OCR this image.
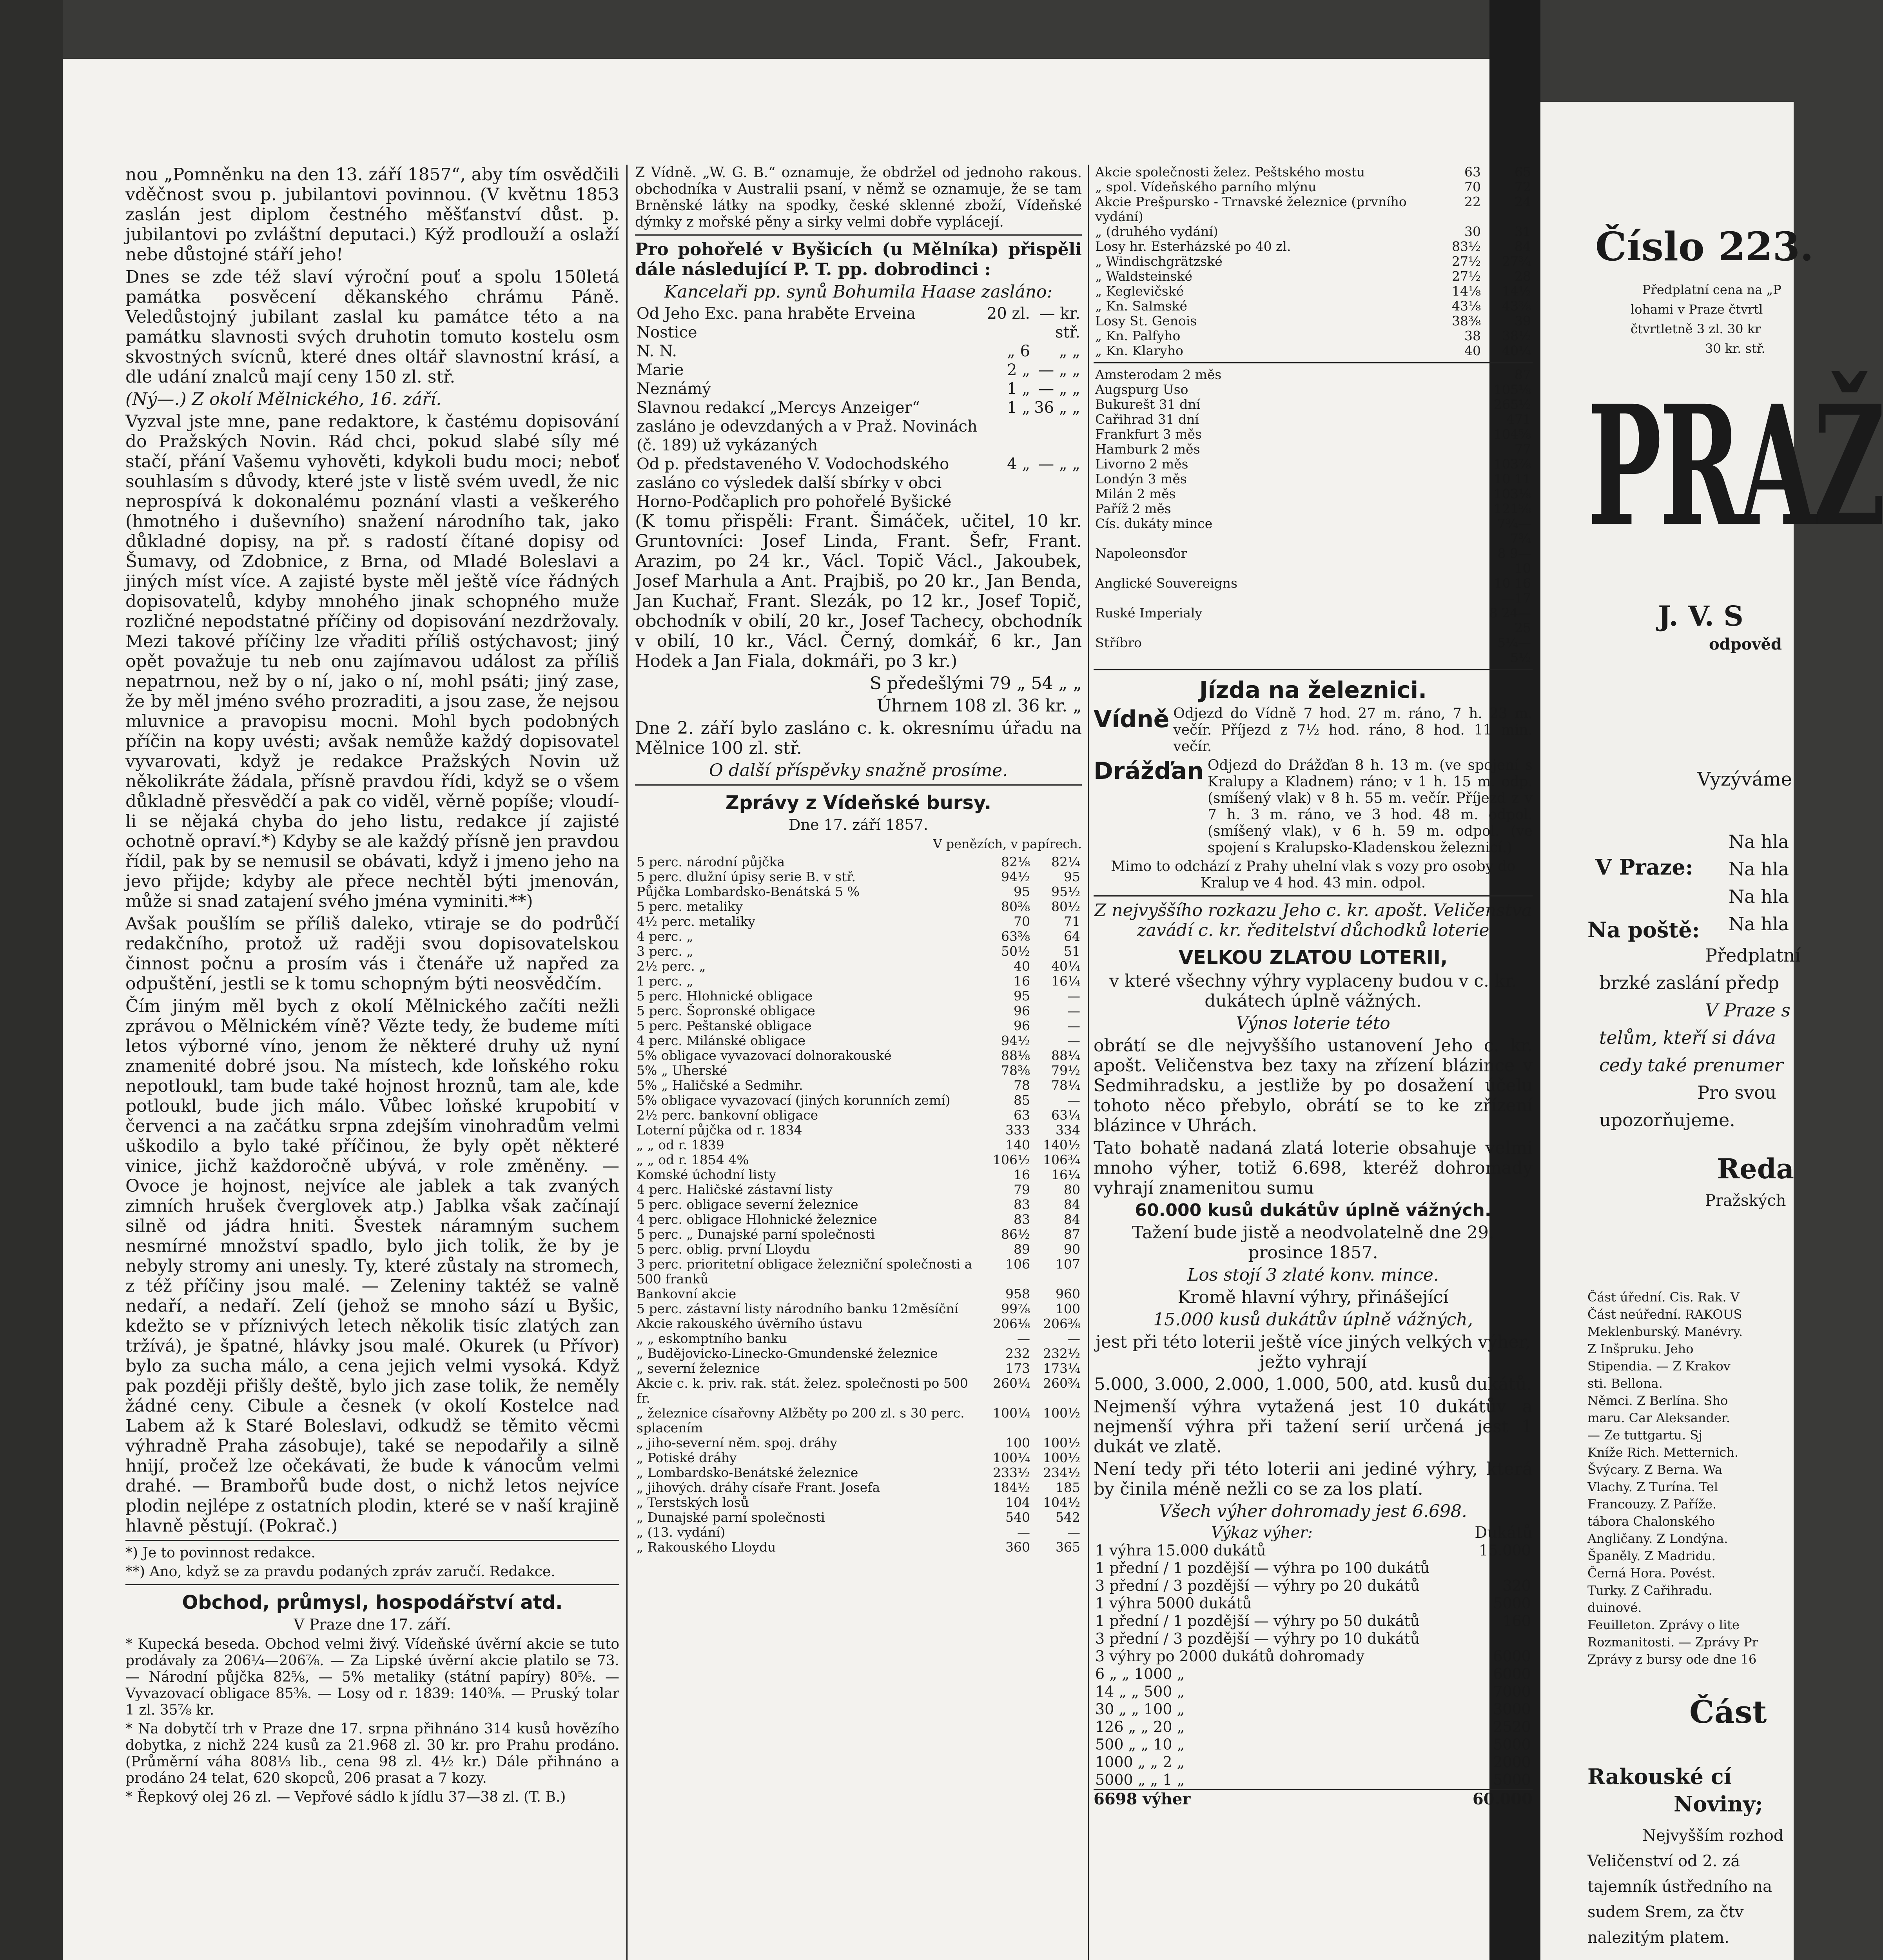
nou „Pomněnku na den 13. září 1857“, aby tím osvědčili vděčnost svou p. jubilantovi povinnou. (V květnu 1853 zaslán jest diplom čestného měšťanství důst. p. jubilantovi po zvláštní deputaci.) Kýž prodlouží a oslaží nebe důstojné stáří jeho!

Dnes se zde též slaví výroční pouť a spolu 150letá památka posvěcení děkanského chrámu Páně. Veledůstojný jubilant zaslal ku památce této a na památku slavnosti svých druhotin tomuto kostelu osm skvostných svícnů, které dnes oltář slavnostní krásí, a dle udání znalců mají ceny 150 zl. stř.

(Ný—.) Z okolí Mělnického, 16. září.

Vyzval jste mne, pane redaktore, k častému dopisování do Pražských Novin. Rád chci, pokud slabé síly mé stačí, přání Vašemu vyhověti, kdykoli budu moci; neboť souhlasím s důvody, které jste v listě svém uvedl, že nic neprospívá k dokonalému poznání vlasti a veškerého (hmotného i duševního) snažení národního tak, jako důkladné dopisy, na př. s radostí čítané dopisy od Šumavy, od Zdobnice, z Brna, od Mladé Boleslavi a jiných míst více. A zajisté byste měl ještě více řádných dopisovatelů, kdyby mnohého jinak schopného muže rozličné nepodstatné příčiny od dopisování nezdržovaly. Mezi takové příčiny lze vřaditi příliš ostýchavost; jiný opět považuje tu neb onu zajímavou událost za příliš nepatrnou, než by o ní, jako o ní, mohl psáti; jiný zase, že by měl jméno svého prozraditi, a jsou zase, že nejsou mluvnice a pravopisu mocni. Mohl bych podobných příčin na kopy uvésti; avšak nemůže každý dopisovatel vyvarovati, když je redakce Pražských Novin už několikráte žádala, přísně pravdou řídi, když se o všem důkladně přesvědčí a pak co viděl, věrně popíše; vloudí-li se nějaká chyba do jeho listu, redakce jí zajisté ochotně opraví.*) Kdyby se ale každý přísně jen pravdou řídil, pak by se nemusil se obávati, když i jmeno jeho na jevo přijde; kdyby ale přece nechtěl býti jmenován, může si snad zatajení svého jména vyminiti.**)

Avšak poušlím se příliš daleko, vtiraje se do podrůčí redakčního, protož už raději svou dopisovatelskou činnost počnu a prosím vás i čtenáře už napřed za odpuštění, jestli se k tomu schopným býti neosvědčím.

Čím jiným měl bych z okolí Mělnického začíti nežli zprávou o Mělnickém víně? Vězte tedy, že budeme míti letos výborné víno, jenom že některé druhy už nyní znamenité dobré jsou. Na místech, kde loňského roku nepotloukl, tam bude také hojnost hroznů, tam ale, kde potloukl, bude jich málo. Vůbec loňské krupobití v červenci a na začátku srpna zdejším vinohradům velmi uškodilo a bylo také příčinou, že byly opět některé vinice, jichž každoročně ubývá, v role změněny. — Ovoce je hojnost, nejvíce ale jablek a tak zvaných zimních hrušek čverglovek atp.) Jablka však začínají silně od jádra hniti. Švestek náramným suchem nesmírné množství spadlo, bylo jich tolik, že by je nebyly stromy ani unesly. Ty, které zůstaly na stromech, z též příčiny jsou malé. — Zeleniny taktéž se valně nedaří, a nedaří. Zelí (jehož se mnoho sází u Byšic, kdežto se v příznivých letech několik tisíc zlatých zan tržívá), je špatné, hlávky jsou malé. Okurek (u Přívor) bylo za sucha málo, a cena jejich velmi vysoká. Když pak později přišly deště, bylo jich zase tolik, že neměly žádné ceny. Cibule a česnek (v okolí Kostelce nad Labem až k Staré Boleslavi, odkudž se těmito věcmi výhradně Praha zásobuje), také se nepodařily a silně hnijí, pročež lze očekávati, že bude k vánocům velmi drahé. — Brambořů bude dost, o nichž letos nejvíce plodin nejlépe z ostatních plodin, které se v naší krajině hlavně pěstují. (Pokrač.)

*) Je to povinnost redakce.

**) Ano, když se za pravdu podaných zpráv zaručí. Redakce.

Obchod, průmysl, hospodářství atd.
V Praze dne 17. září.

* Kupecká beseda. Obchod velmi živý. Vídeňské úvěrní akcie se tuto prodávaly za 206¼—206⅞. — Za Lipské úvěrní akcie platilo se 73. — Národní půjčka 82⅝, — 5% metaliky (státní papíry) 80⅝. — Vyvazovací obligace 85⅜. — Losy od r. 1839: 140⅜. — Pruský tolar 1 zl. 35⅞ kr.

* Na dobytčí trh v Praze dne 17. srpna přihnáno 314 kusů hovězího dobytka, z nichž 224 kusů za 21.968 zl. 30 kr. pro Prahu prodáno. (Průměrní váha 808⅓ lib., cena 98 zl. 4½ kr.) Dále přihnáno a prodáno 24 telat, 620 skopců, 206 prasat a 7 kozy.

* Řepkový olej 26 zl. — Vepřové sádlo k jídlu 37—38 zl. (T. B.)

Z Vídně. „W. G. B.“ oznamuje, že obdržel od jednoho rakous. obchodníka v Australii psaní, v němž se oznamuje, že se tam Brněnské látky na spodky, české sklenné zboží, Vídeňské dýmky z mořské pěny a sirky velmi dobře vyplácejí.

Pro pohořelé v Byšicích (u Mělníka) přispěli dále následující P. T. pp. dobrodinci :

Kancelaři pp. synů Bohumila Haase zasláno:

Od Jeho Exc. pana hraběte Erveina Nostice	20 zl.	— kr. stř.
N. N.	„ 6	„ „
Marie	2 „	— „ „
Neznámý	1 „	— „ „
Slavnou redakcí „Mercys Anzeiger“ zasláno je odevzdaných a v Praž. Novinách (č. 189) už vykázaných	1 „	36 „ „
Od p. představeného V. Vodochodského zasláno co výsledek další sbírky v obci Horno-Podčaplich pro pohořelé Byšické	4 „	— „ „

(K tomu přispěli: Frant. Šimáček, učitel, 10 kr. Gruntovníci: Josef Linda, Frant. Šefr, Frant. Arazim, po 24 kr., Václ. Topič Václ., Jakoubek, Josef Marhula a Ant. Prajbiš, po 20 kr., Jan Benda, Jan Kuchař, Frant. Slezák, po 12 kr., Josef Topič, obchodník v obilí, 20 kr., Josef Tachecy, obchodník v obilí, 10 kr., Václ. Černý, domkář, 6 kr., Jan Hodek a Jan Fiala, dokmáři, po 3 kr.)

S předešlými 79 „ 54 „ „

Úhrnem 108 zl. 36 kr. „

Dne 2. září bylo zasláno c. k. okresnímu úřadu na Mělnice 100 zl. stř.

O další příspěvky snažně prosíme.

Zprávy z Vídeňské bursy.
Dne 17. září 1857.
V penězích, v papírech.
5 perc. národní půjčka	82⅛	82¼
5 perc. dlužní úpisy serie B. v stř.	94½	95
Půjčka Lombardsko-Benátská 5 %	95	95½
5 perc. metaliky	80⅜	80½
4½ perc. metaliky	70	71
4 perc. „	63⅜	64
3 perc. „	50½	51
2½ perc. „	40	40¼
1 perc. „	16	16¼
5 perc. Hlohnické obligace	95	—
5 perc. Šopronské obligace	96	—
5 perc. Peštanské obligace	96	—
4 perc. Milánské obligace	94½	—
5% obligace vyvazovací dolnorakouské	88⅛	88¼
5% „ Uherské	78⅜	79½
5% „ Haličské a Sedmihr.	78	78¼
5% obligace vyvazovací (jiných korunních zemí)	85	—
2½ perc. bankovní obligace	63	63¼
Loterní půjčka od r. 1834	333	334
„ „ od r. 1839	140	140½
„ „ od r. 1854 4%	106½	106¾
Komské úchodní listy	16	16¼
4 perc. Haličské zástavní listy	79	80
5 perc. obligace severní železnice	83	84
4 perc. obligace Hlohnické železnice	83	84
5 perc. „ Dunajské parní společnosti	86½	87
5 perc. oblig. první Lloydu	89	90
3 perc. prioritetní obligace železniční společnosti a 500 franků	106	107
Bankovní akcie	958	960
5 perc. zástavní listy národního banku 12měsíční	99⅞	100
Akcie rakouského úvěrního ústavu	206⅛	206⅜
„ „ eskomptního banku	—	—
„ Budějovicko-Linecko-Gmundenské železnice	232	232½
„ severní železnice	173	173¼
Akcie c. k. priv. rak. stát. želez. společnosti po 500 fr.	260¼	260¾
„ železnice císařovny Alžběty po 200 zl. s 30 perc. splacením	100¼	100½
„ jiho-severní něm. spoj. dráhy	100	100½
„ Potiské dráhy	100¼	100½
„ Lombardsko-Benátské železnice	233½	234½
„ jihových. dráhy císaře Frant. Josefa	184½	185
„ Terstských losů	104	104½
„ Dunajské parní společnosti	540	542
„ (13. vydání)	—	—
„ Rakouského Lloydu	360	365
Akcie společnosti želez. Peštského mostu	63	65
„ spol. Vídeňského parního mlýnu	70	72
Akcie Prešpursko - Trnavské železnice (prvního vydání)	22	24
„ (druhého vydání)	30	31
Losy hr. Esterházské po 40 zl.	83½	84
„ Windischgrätzské	27½	27¾
„ Waldsteinské	27½	28
„ Keglevičské	14⅛	14½
„ Kn. Salmské	43⅛	43⅜
Losy St. Genois	38⅜	39
„ Kn. Palfyho	38	38½
„ Kn. Klaryho	40	40¼
Amsterodam 2 měs	87
Augspurg Uso	105⅛
Bukurešt 31 dní	265½
Cařihrad 31 dní	471
Frankfurt 3 měs	104⅝
Hamburk 2 měs	77
Livorno 2 měs	103⅞
Londýn 3 měs	10 11
Milán 2 měs	103⅛
Paříž 2 měs	121⅝
Cís. dukáty mince	7¾—7¾
Napoleonsďor	8 9—10
Anglické Souvereigns	10 16—17
Ruské Imperialy	8 24—25
Stříbro	5¼—5½
Jízda na železnici.
Vídně Odjezd do Vídně 7 hod. 27 m. ráno, 7 h. 23 m. večír. Příjezd z 7½ hod. ráno, 8 hod. 11 min. večír.

Drážďan Odjezd do Drážďan 8 h. 13 m. (ve spojení s Kralupy a Kladnem) ráno; v 1 h. 15 m. odp. (smíšený vlak) v 8 h. 55 m. večír. Příjezd z v 7 h. 3 m. ráno, ve 3 hod. 48 m. odpol. (smíšený vlak), v 6 h. 59 m. odpol. (ve spojení s Kralupsko-Kladenskou železnicí.)

Mimo to odchází z Prahy uhelní vlak s vozy pro osoby do Kralup ve 4 hod. 43 min. odpol.

Z nejvyššího rozkazu Jeho c. kr. apošt. Veličenstva zavádí c. kr. ředitelství důchodků loterie

VELKOU ZLATOU LOTERII,

v které všechny výhry vyplaceny budou v c. kr. dukátech úplně vážných.

Výnos loterie této

obrátí se dle nejvyššího ustanovení Jeho c. kr. apošt. Veličenstva bez taxy na zřízení blázince v Sedmihradsku, a jestliže by po dosažení účelu tohoto něco přebylo, obrátí se to ke zřízení blázince v Uhrách.

Tato bohatě nadaná zlatá loterie obsahuje velmi mnoho výher, totiž 6.698, kteréž dohromady vyhrají znamenitou sumu

60.000 kusů dukátův úplně vážných.

Tažení bude jistě a neodvolatelně dne 29. prosince 1857.

Los stojí 3 zlaté konv. mince.

Kromě hlavní výhry, přinášející

15.000 kusů dukátův úplně vážných,

jest při této loterii ještě více jiných velkých výher, ježto vyhrají

5.000, 3.000, 2.000, 1.000, 500, atd. kusů dukátů.

Nejmenší výhra vytažená jest 10 dukátův a nejmenší výhra při tažení serií určená jest 1 dukát ve zlatě.

Není tedy při této loterii ani jediné výhry, která by činila méně nežli co se za los platí.

Všech výher dohromady jest 6.698.

Výkaz výher:	Dukátů
1 výhra 15.000 dukátů	15.000
1 přední / 1 pozdější — výhra po 100 dukátů	
3 přední / 3 pozdější — výhry po 20 dukátů	320
1 výhra 5000 dukátů	5000
1 přední / 1 pozdější — výhry po 50 dukátů	160
3 přední / 3 pozdější — výhry po 10 dukátů	
3 výhry po 2000 dukátů dohromady	6000
6 „ „ 1000 „	6000
14 „ „ 500 „	7000
30 „ „ 100 „	3000
126 „ „ 20 „	2520
500 „ „ 10 „	5000
1000 „ „ 2 „	2000
5000 „ „ 1 „	5000
6698 výher	60.000

Číslo 223.
Předplatní cena na „P
lohami v Praze čtvrtl
čtvrtletně 3 zl. 30 kr
30 kr. stř.
PRAŽ
J. V. S
odpověd
Vyzýváme
V Praze:
Na poště:
Na hla
Na hla
Na hla
Na hla
Předplatní
brzké zaslání předp
V Praze s
telům, kteří si dáva
cedy také prenumer
Pro svou
upozorňujeme.
Reda
Pražských
Část úřední. Cis. Rak. V
Část neúřední. RAKOUS
Meklenburský. Manévry.
Z Inšpruku. Jeho
Stipendia. — Z Krakov
sti. Bellona.
Němci. Z Berlína. Sho
maru. Car Aleksander.
— Ze tuttgartu. Sj
Kníže Rich. Metternich.
Švýcary. Z Berna. Wa
Vlachy. Z Turína. Tel
Francouzy. Z Paříže.
tábora Chalonského
Angličany. Z Londýna.
Španěly. Z Madridu.
Černá Hora. Povést.
Turky. Z Cařihradu.
duinové.
Feuilleton. Zprávy o lite
Rozmanitosti. — Zprávy Pr
Zprávy z bursy ode dne 16
Část
Rakouské cí
Noviny;
Nejvyšším rozhod
Veličenství od 2. zá
tajemník ústředního na
sudem Srem, za čtv
nalezitým platem.
